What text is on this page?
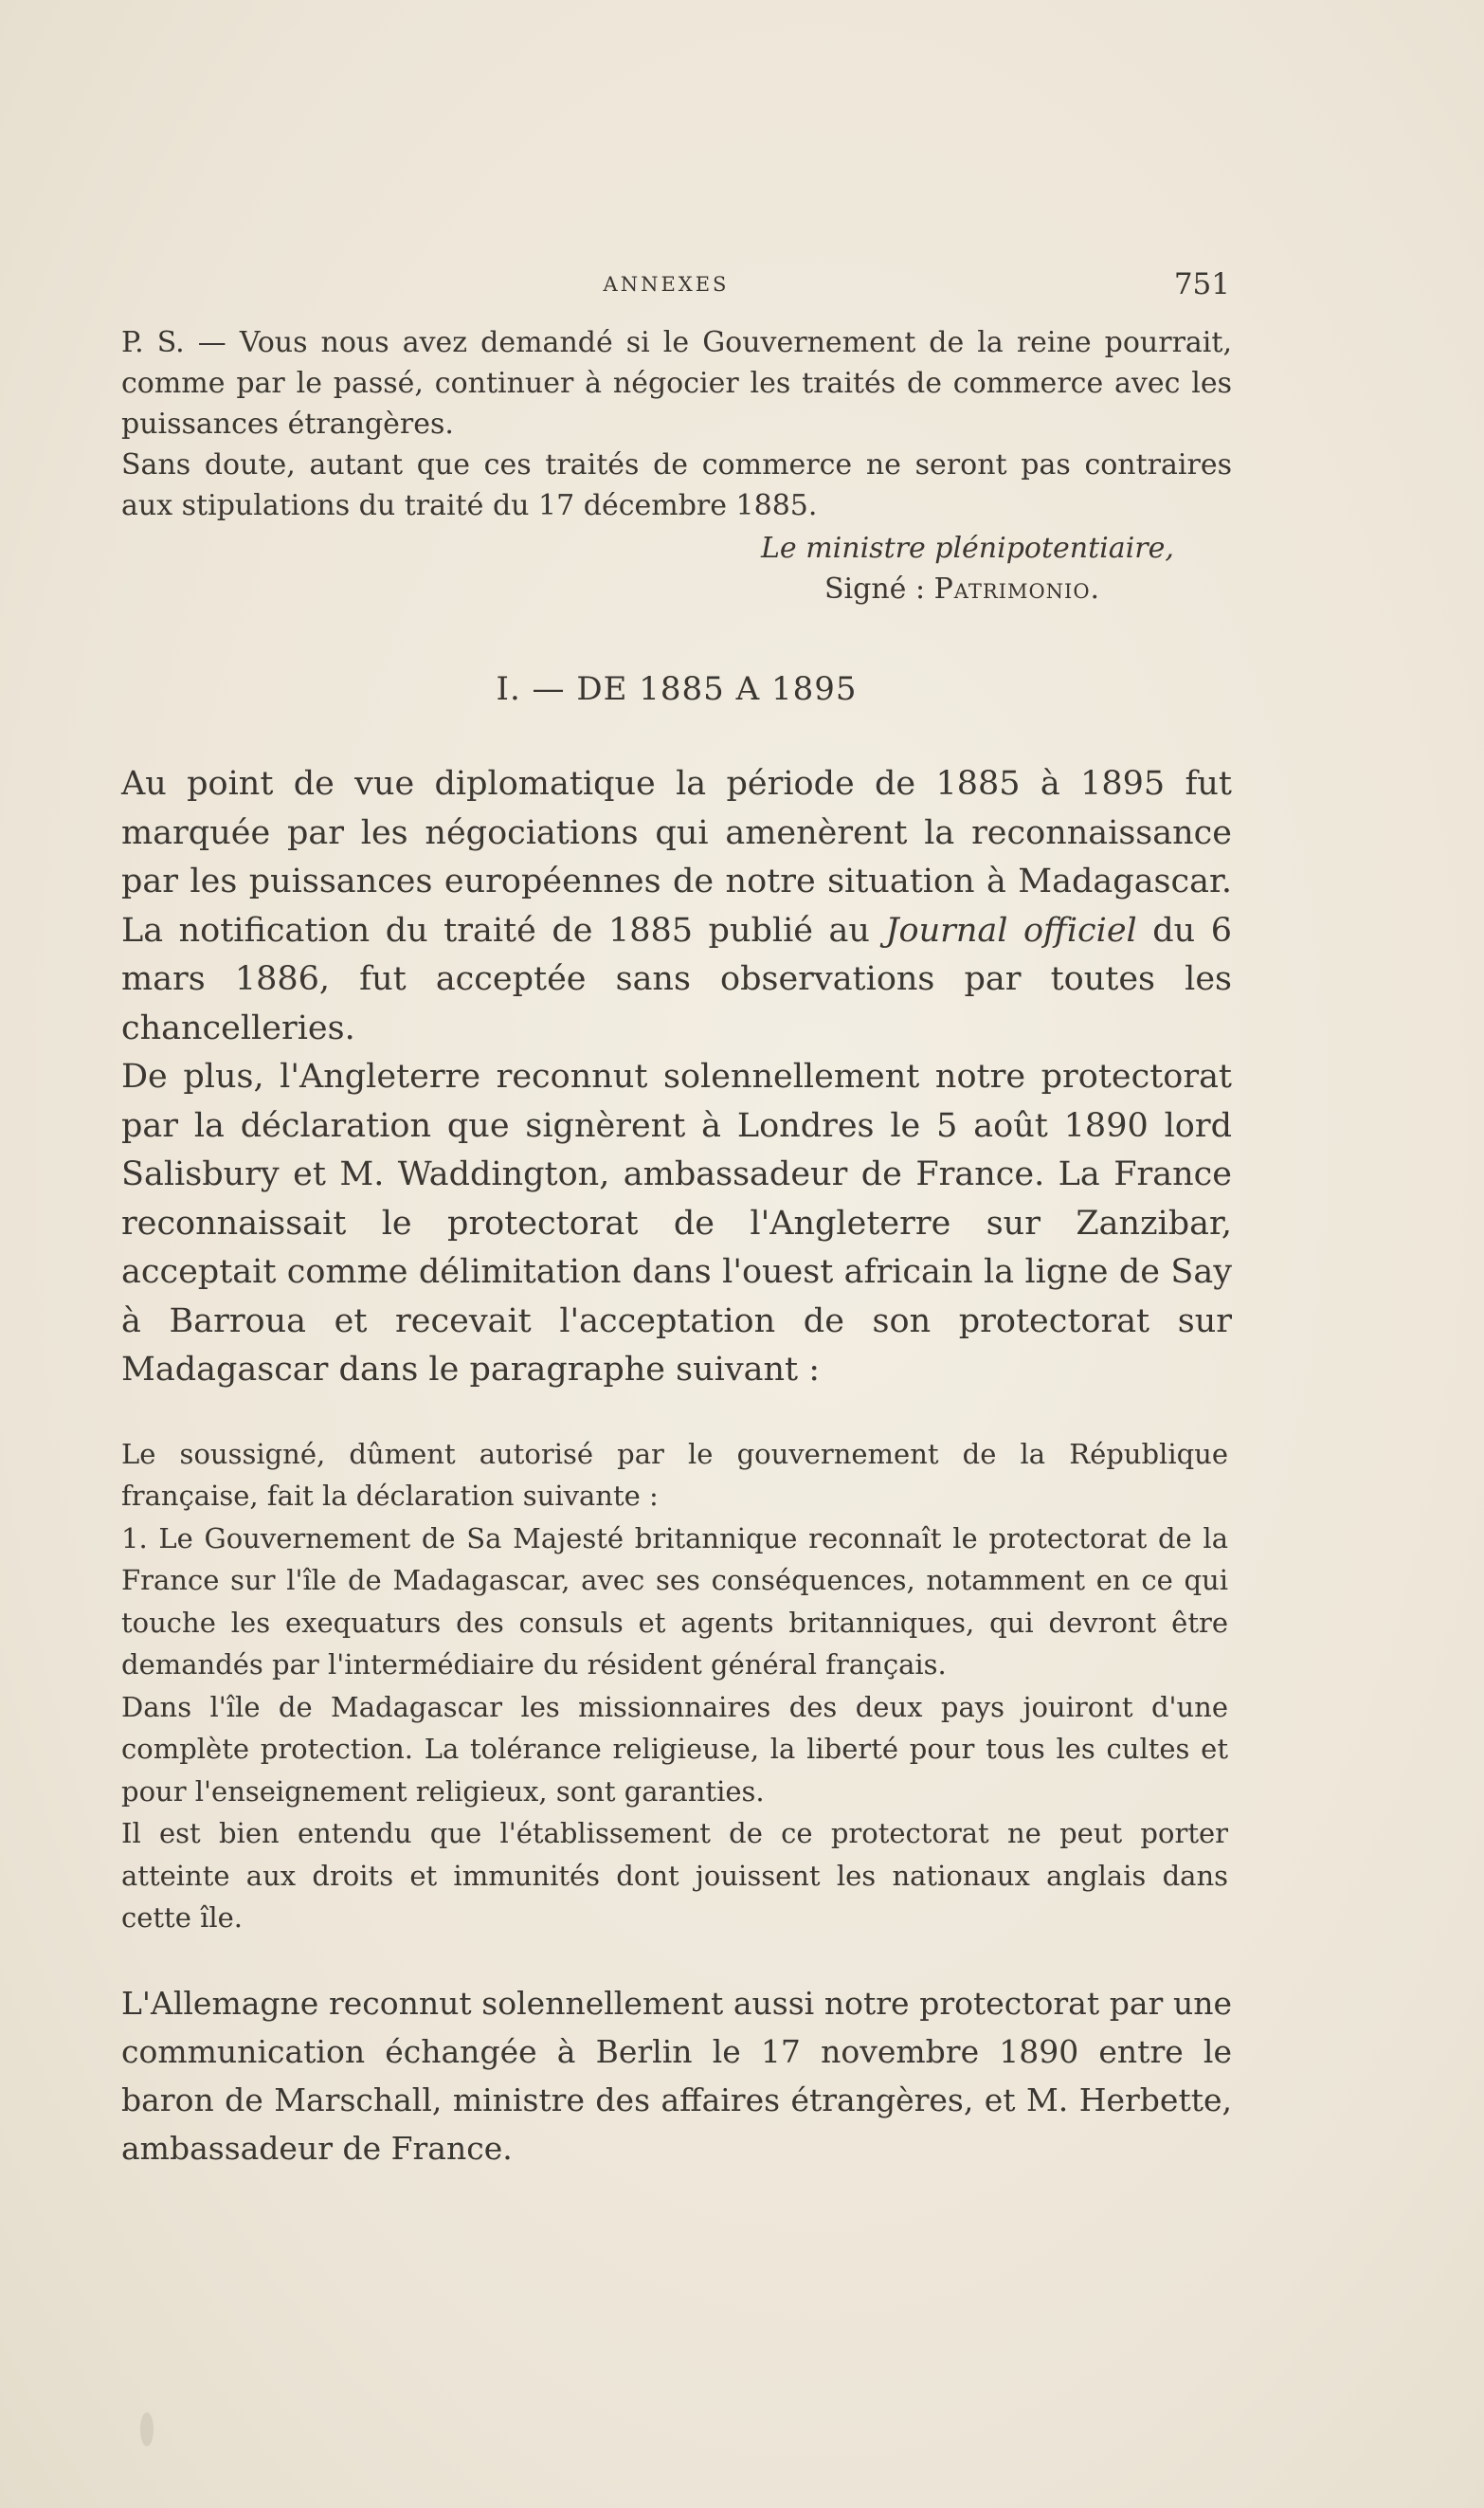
ANNEXES	751

P. S. — Vous nous avez demandé si le Gouvernement de la reine pourrait, comme par le passé, continuer à négocier les traités de commerce avec les puissances étrangères.

Sans doute, autant que ces traités de commerce ne seront pas contraires aux stipulations du traité du 17 décembre 1885.

Le ministre plénipotentiaire,
Signé : Patrimonio.
I. — DE 1885 A 1895

Au point de vue diplomatique la période de 1885 à 1895 fut marquée par les négociations qui amenèrent la reconnaissance par les puissances européennes de notre situation à Madagascar. La notification du traité de 1885 publié au Journal officiel du 6 mars 1886, fut acceptée sans observations par toutes les chancelleries.

De plus, l'Angleterre reconnut solennellement notre protectorat par la déclaration que signèrent à Londres le 5 août 1890 lord Salisbury et M. Waddington, ambassadeur de France. La France reconnaissait le protectorat de l'Angleterre sur Zanzibar, acceptait comme délimitation dans l'ouest africain la ligne de Say à Barroua et recevait l'acceptation de son protectorat sur Madagascar dans le paragraphe suivant :

Le soussigné, dûment autorisé par le gouvernement de la République française, fait la déclaration suivante :

1. Le Gouvernement de Sa Majesté britannique reconnaît le protectorat de la France sur l'île de Madagascar, avec ses conséquences, notamment en ce qui touche les exequaturs des consuls et agents britanniques, qui devront être demandés par l'intermédiaire du résident général français.

Dans l'île de Madagascar les missionnaires des deux pays jouiront d'une complète protection. La tolérance religieuse, la liberté pour tous les cultes et pour l'enseignement religieux, sont garanties.

Il est bien entendu que l'établissement de ce protectorat ne peut porter atteinte aux droits et immunités dont jouissent les nationaux anglais dans cette île.

L'Allemagne reconnut solennellement aussi notre protectorat par une communication échangée à Berlin le 17 novembre 1890 entre le baron de Marschall, ministre des affaires étrangères, et M. Herbette, ambassadeur de France.
